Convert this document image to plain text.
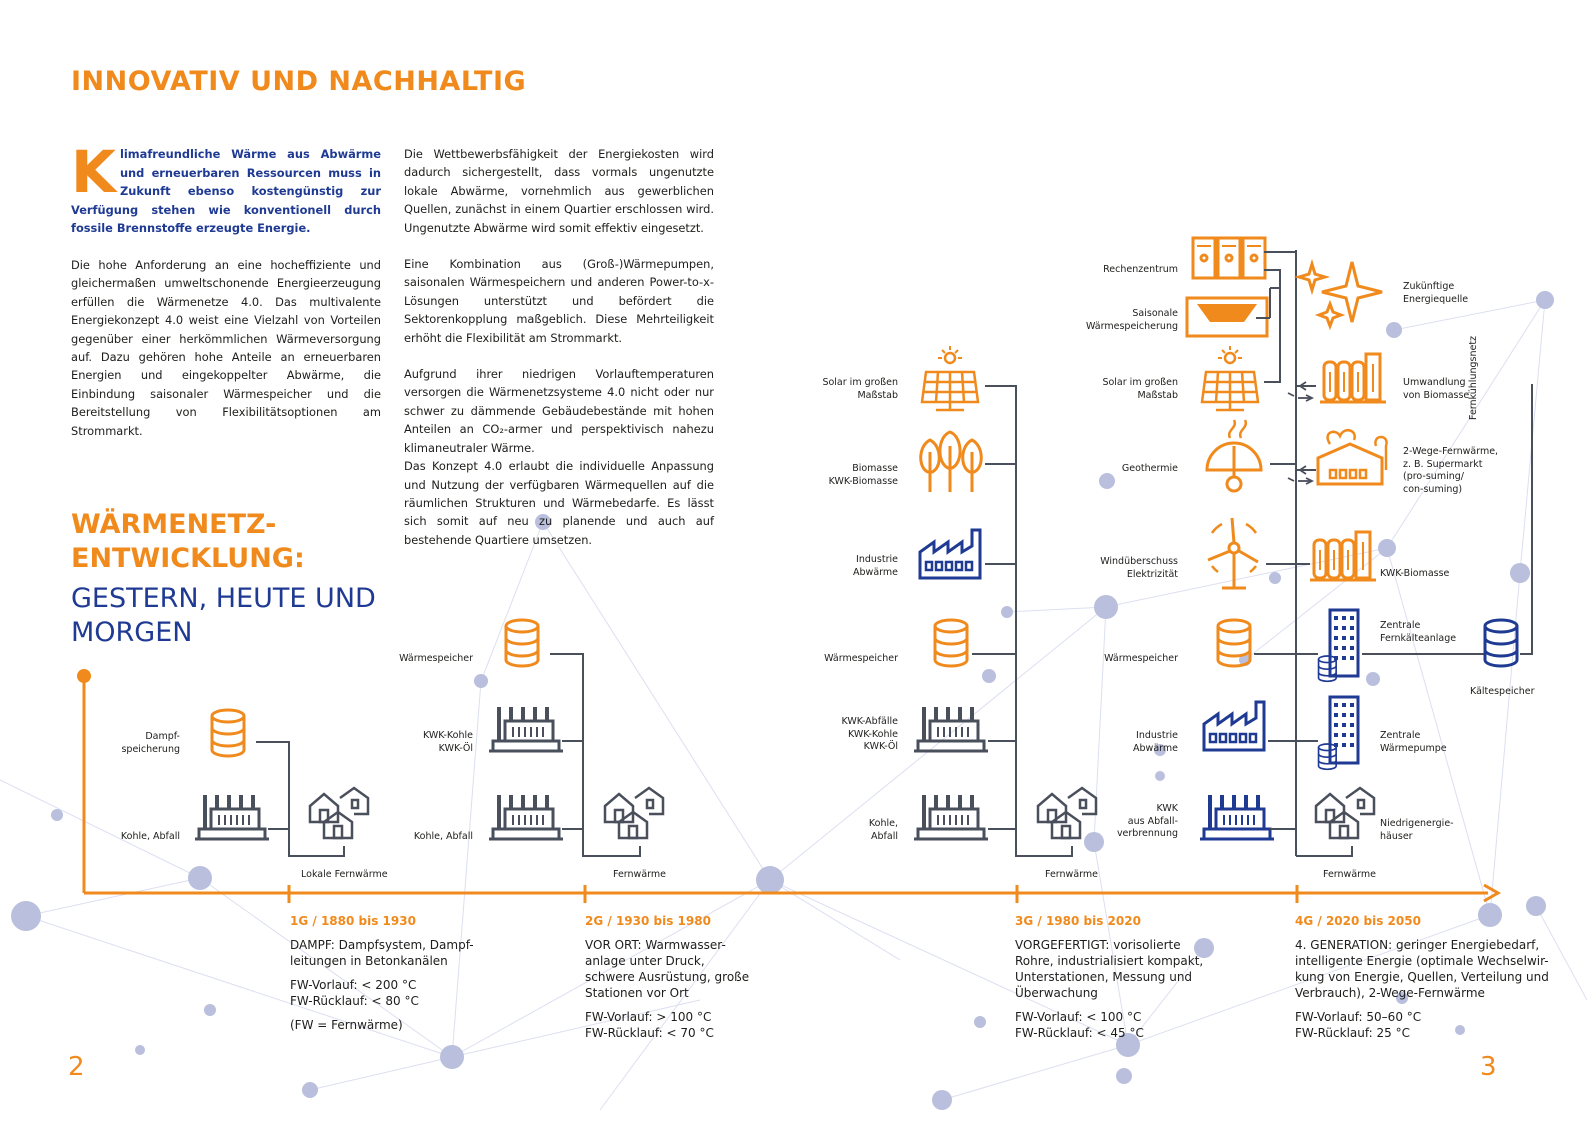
INNOVATIV UND NACHHALTIG
Klimafreundliche Wärme aus Abwärme und erneuerbaren Ressourcen muss in Zukunft ebenso kostengünstig zur Verfügung stehen wie konventionell durch fossile Brennstoffe erzeugte Energie.
Die hohe Anforderung an eine hocheffiziente und gleichermaßen umweltschonende Energieerzeugung erfüllen die Wärmenetze 4.0. Das multivalente Energiekonzept 4.0 weist eine Vielzahl von Vorteilen gegenüber einer herkömmlichen Wärmeversorgung auf. Dazu gehören hohe Anteile an erneuerbaren Energien und eingekoppelter Abwärme, die Einbindung saisonaler Wärmespeicher und die Bereitstellung von Flexibilitätsoptionen am Strommarkt.

Die Wettbewerbsfähigkeit der Energiekosten wird dadurch sichergestellt, dass vormals ungenutzte lokale Abwärme, vornehmlich aus gewerblichen Quellen, zunächst in einem Quartier erschlossen wird. Ungenutzte Abwärme wird somit effektiv eingesetzt.

Eine Kombination aus (Groß-)Wärmepumpen, saisonalen Wärmespeichern und anderen Power-to-x-Lösungen unterstützt und befördert die Sektorenkopplung maßgeblich. Diese Mehrteiligkeit erhöht die Flexibilität am Strommarkt.

Aufgrund ihrer niedrigen Vorlauftemperaturen versorgen die Wärmenetzsysteme 4.0 nicht oder nur schwer zu dämmende Gebäudebestände mit hohen Anteilen an CO₂-armer und perspektivisch nahezu klimaneutraler Wärme.
Das Konzept 4.0 erlaubt die individuelle Anpassung und Nutzung der verfügbaren Wärmequellen auf die räumlichen Strukturen und Wärmebedarfe. Es lässt sich somit auf neu zu planende und auch auf bestehende Quartiere umsetzen.

WÄRMENETZ-
ENTWICKLUNG:
GESTERN, HEUTE UND
MORGEN
Dampf-
speicherung
Kohle, Abfall
Lokale Fernwärme
Wärmespeicher
KWK-Kohle
KWK-Öl
Kohle, Abfall
Fernwärme
Solar im großen
Maßstab
Biomasse
KWK-Biomasse
Industrie
Abwärme
Wärmespeicher
KWK-Abfälle
KWK-Kohle
KWK-Öl
Kohle,
Abfall
Fernwärme
Rechenzentrum
Saisonale
Wärmespeicherung
Solar im großen
Maßstab
Geothermie
Windüberschuss
Elektrizität
Wärmespeicher
Industrie
Abwärme
KWK
aus Abfall-
verbrennung
Zukünftige
Energiequelle
Umwandlung
von Biomasse
2-Wege-Fernwärme,
z. B. Supermarkt
(pro-suming/
con-suming)
KWK-Biomasse
Zentrale
Fernkälteanlage
Kältespeicher
Zentrale
Wärmepumpe
Niedrigenergie-
häuser
Fernkühlungsnetz
Fernwärme
1G / 1880 bis 1930
DAMPF: Dampfsystem, Dampf-
leitungen in Betonkanälen
FW-Vorlauf: < 200 °C
FW-Rücklauf: < 80 °C
(FW = Fernwärme)
2G / 1930 bis 1980
VOR ORT: Warmwasser-
anlage unter Druck,
schwere Ausrüstung, große
Stationen vor Ort
FW-Vorlauf: > 100 °C
FW-Rücklauf: < 70 °C
3G / 1980 bis 2020
VORGEFERTIGT: vorisolierte
Rohre, industrialisiert kompakt,
Unterstationen, Messung und
Überwachung
FW-Vorlauf: < 100 °C
FW-Rücklauf: < 45 °C
4G / 2020 bis 2050
4. GENERATION: geringer Energiebedarf,
intelligente Energie (optimale Wechselwir-
kung von Energie, Quellen, Verteilung und
Verbrauch), 2-Wege-Fernwärme
FW-Vorlauf: 50–60 °C
FW-Rücklauf: 25 °C
2	3
